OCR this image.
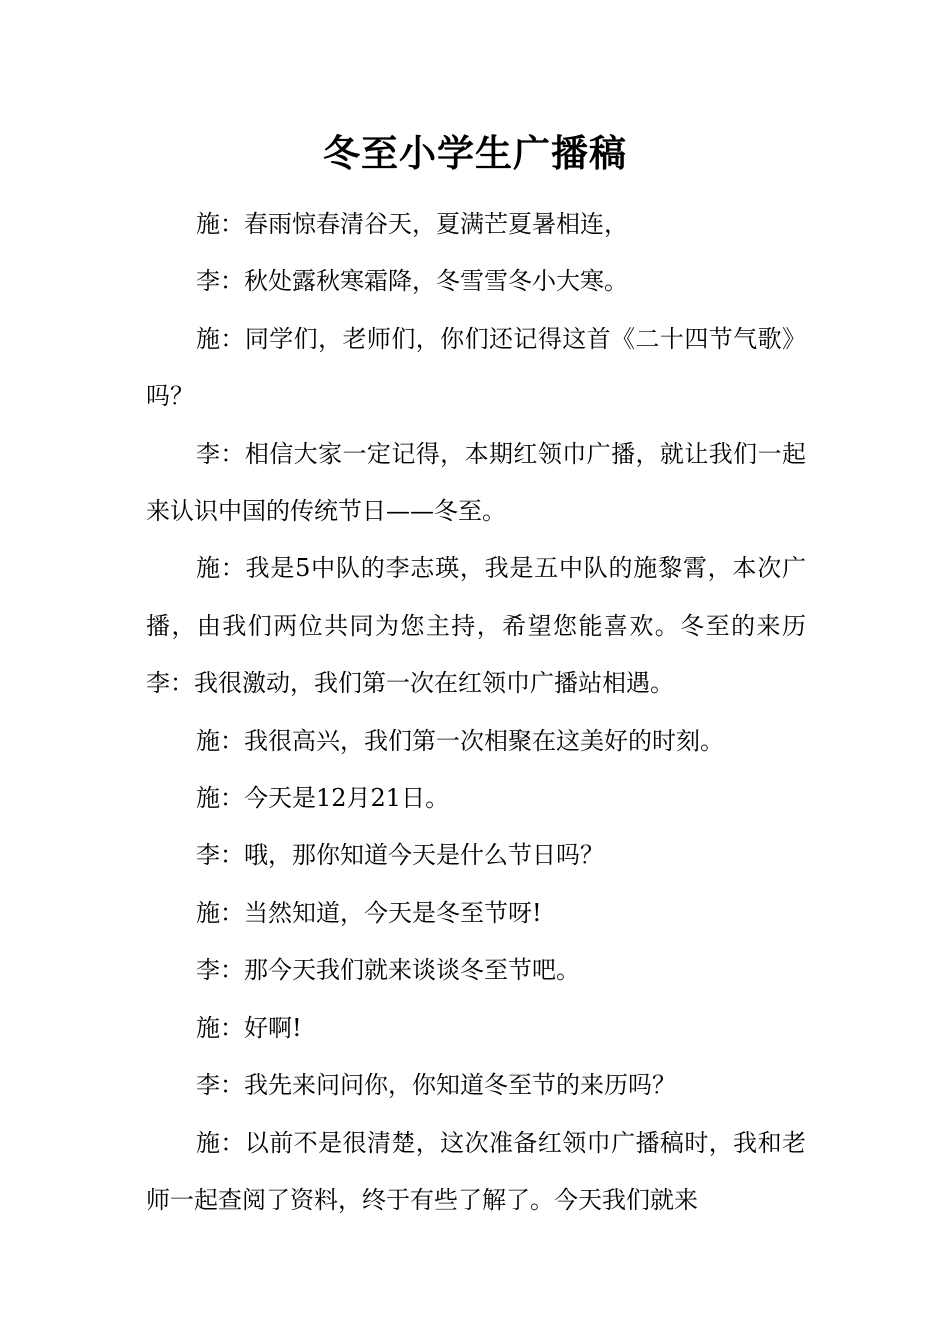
冬至小学生广播稿

施：春雨惊春清谷天，夏满芒夏暑相连，

李：秋处露秋寒霜降，冬雪雪冬小大寒。

施：同学们，老师们，你们还记得这首《二十四节气歌》吗？

李：相信大家一定记得，本期红领巾广播，就让我们一起来认识中国的传统节日——冬至。

施：我是5中队的李志瑛，我是五中队的施黎霄，本次广播，由我们两位共同为您主持，希望您能喜欢。冬至的来历李：我很激动，我们第一次在红领巾广播站相遇。

施：我很高兴，我们第一次相聚在这美好的时刻。

施：今天是12月21日。

李：哦，那你知道今天是什么节日吗？

施：当然知道，今天是冬至节呀!

李：那今天我们就来谈谈冬至节吧。

施：好啊!

李：我先来问问你，你知道冬至节的来历吗？

施：以前不是很清楚，这次准备红领巾广播稿时，我和老师一起查阅了资料，终于有些了解了。今天我们就来
